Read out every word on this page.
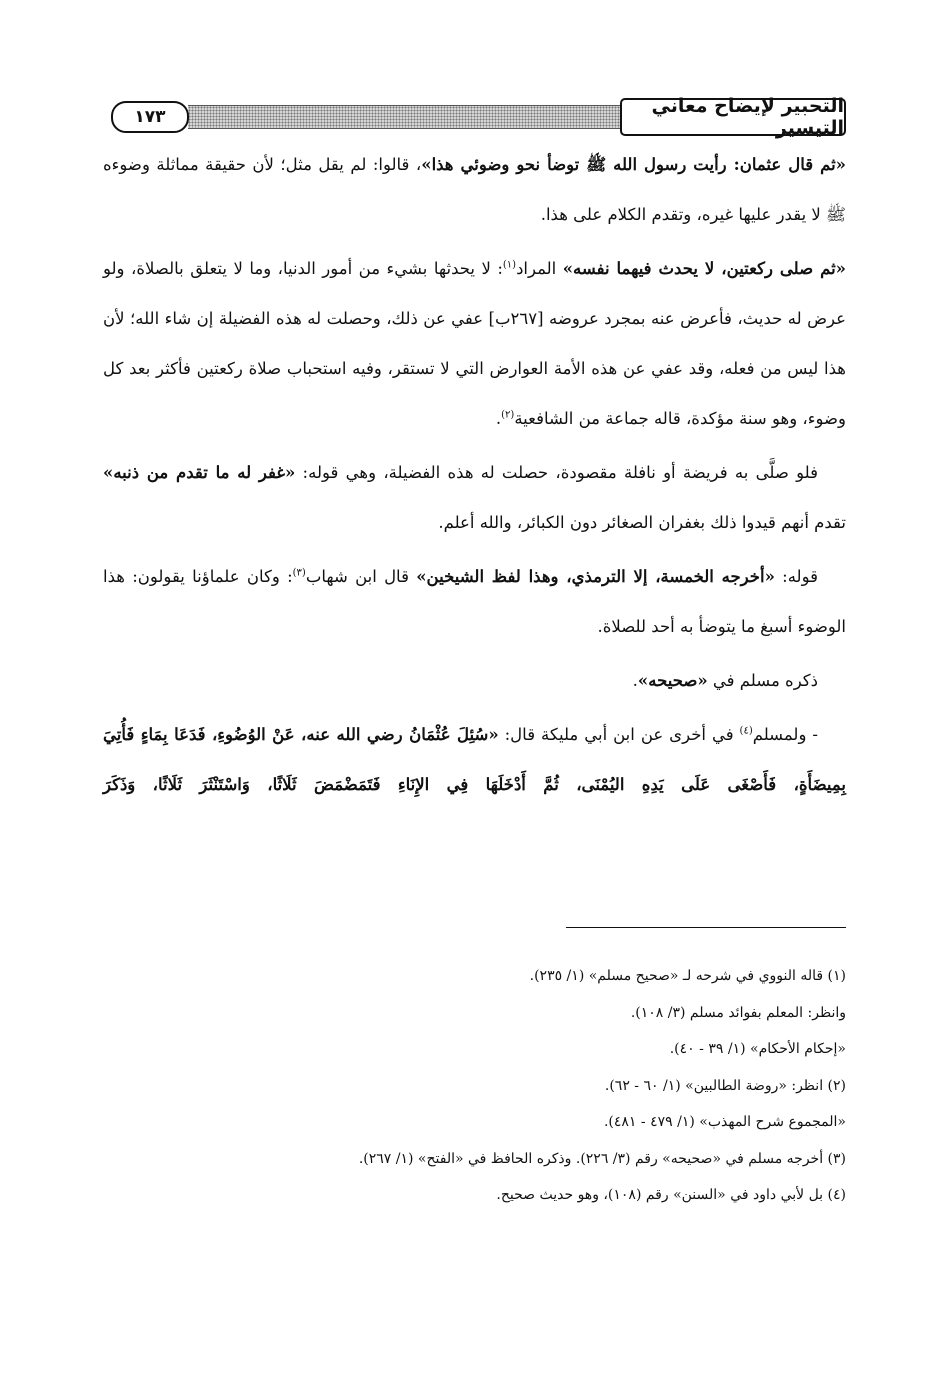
١٧٣	التحبير لإيضاح معاني التيسير

«ثم قال عثمان: رأيت رسول الله ﷺ توضأ نحو وضوئي هذا»، قالوا: لم يقل مثل؛ لأن حقيقة مماثلة وضوءه ﷺ لا يقدر عليها غيره، وتقدم الكلام على هذا.

«ثم صلى ركعتين، لا يحدث فيهما نفسه» المراد$^{(١)}$: لا يحدثها بشيء من أمور الدنيا، وما لا يتعلق بالصلاة، ولو عرض له حديث، فأعرض عنه بمجرد عروضه [٢٦٧ب] عفي عن ذلك، وحصلت له هذه الفضيلة إن شاء الله؛ لأن هذا ليس من فعله، وقد عفي عن هذه الأمة العوارض التي لا تستقر، وفيه استحباب صلاة ركعتين فأكثر بعد كل وضوء، وهو سنة مؤكدة، قاله جماعة من الشافعية$^{(٢)}$.

فلو صلَّى به فريضة أو نافلة مقصودة، حصلت له هذه الفضيلة، وهي قوله: «غفر له ما تقدم من ذنبه» تقدم أنهم قيدوا ذلك بغفران الصغائر دون الكبائر، والله أعلم.

قوله: «أخرجه الخمسة، إلا الترمذي، وهذا لفظ الشيخين» قال ابن شهاب$^{(٣)}$: وكان علماؤنا يقولون: هذا الوضوء أسبغ ما يتوضأ به أحد للصلاة.

ذكره مسلم في «صحيحه».

- ولمسلم$^{(٤)}$ في أخرى عن ابن أبي مليكة قال: «سُئِلَ عُثْمَانُ رضي الله عنه، عَنْ الوُضُوءِ، فَدَعَا بِمَاءٍ فَأُتِيَ بِمِيضَأَةٍ، فَأَصْغَى عَلَى يَدِهِ اليُمْنَى، ثُمَّ أَدْخَلَهَا فِي الإِنَاءِ فَتَمَضْمَضَ ثَلَاثًا، وَاسْتَنْثَرَ ثَلَاثًا، وَذَكَرَ

(١) قاله النووي في شرحه لـ «صحيح مسلم» (١/ ٢٣٥).
وانظر: المعلم بفوائد مسلم (٣/ ١٠٨).
«إحكام الأحكام» (١/ ٣٩ - ٤٠).
(٢) انظر: «روضة الطالبين» (١/ ٦٠ - ٦٢).
«المجموع شرح المهذب» (١/ ٤٧٩ - ٤٨١).
(٣) أخرجه مسلم في «صحيحه» رقم (٣/ ٢٢٦). وذكره الحافظ في «الفتح» (١/ ٢٦٧).
(٤) بل لأبي داود في «السنن» رقم (١٠٨)، وهو حديث صحيح.
